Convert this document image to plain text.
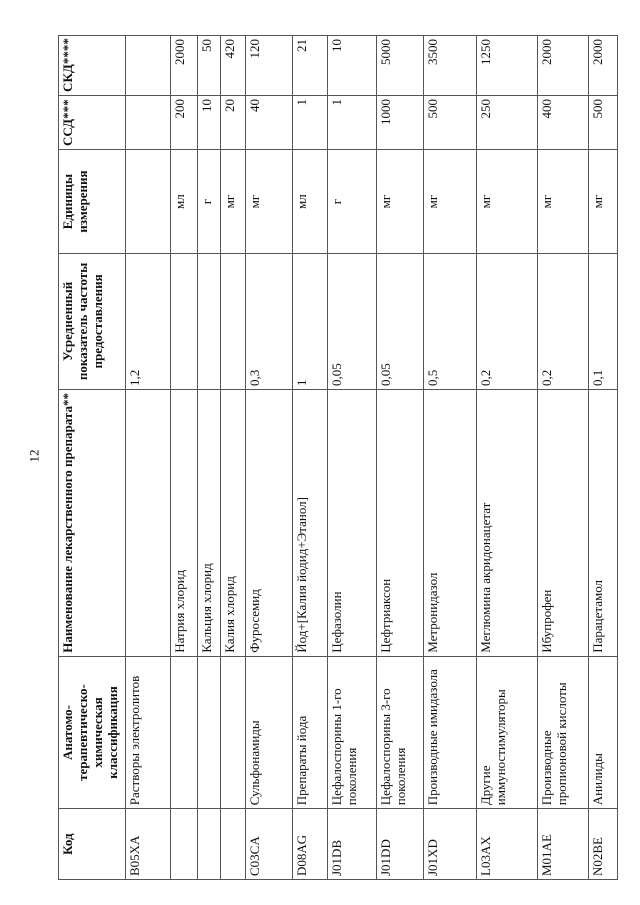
12
Код	Анатомо-терапевтическо-химическая классификация	Наименование лекарственного препарата**	Усредненный показатель частоты предоставления	Единицы измерения	ССД***	СКД****
B05XA	Растворы электролитов		1,2			
		Натрия хлорид		мл	200	2000
		Кальция хлорид		г	10	50
		Калия хлорид		мг	20	420
C03CA	Сульфонамиды	Фуросемид	0,3	мг	40	120
D08AG	Препараты йода	Йод+[Калия йодид+Этанол]	1	мл	1	21
J01DB	Цефалоспорины 1-го поколения	Цефазолин	0,05	г	1	10
J01DD	Цефалоспорины 3-го поколения	Цефтриаксон	0,05	мг	1000	5000
J01XD	Производные имидазола	Метронидазол	0,5	мг	500	3500
L03AX	Другие иммуностимуляторы	Меглюмина акридонацетат	0,2	мг	250	1250
M01AE	Производные пропионовой кислоты	Ибупрофен	0,2	мг	400	2000
N02BE	Анилиды	Парацетамол	0,1	мг	500	2000
